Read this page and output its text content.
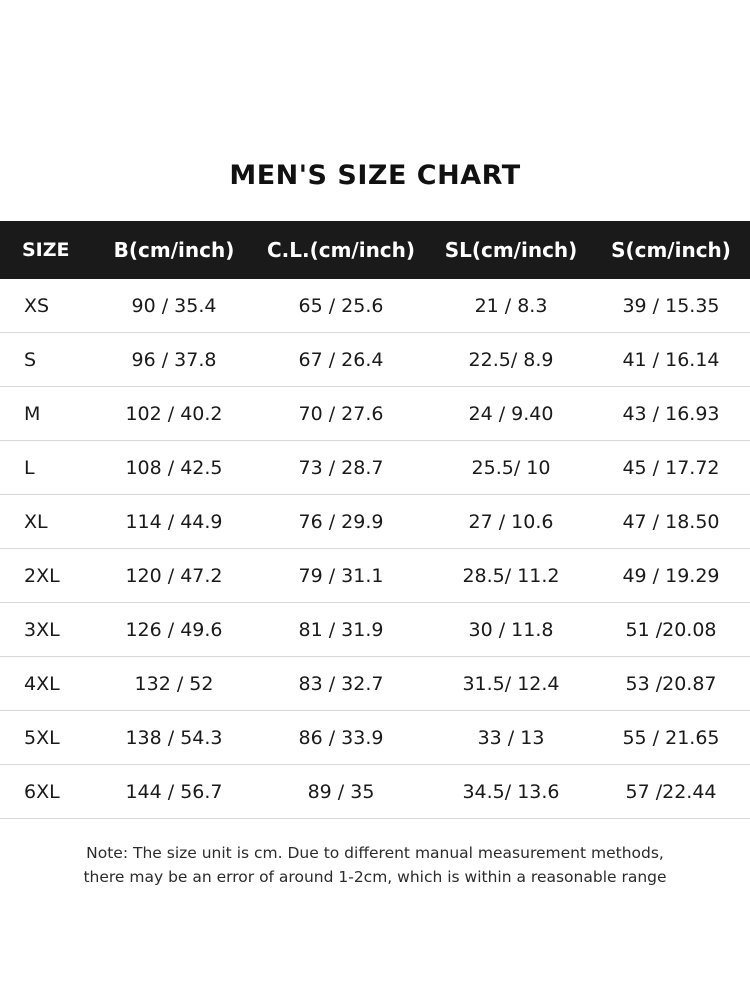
MEN'S SIZE CHART
SIZE	B(cm/inch)	C.L.(cm/inch)	SL(cm/inch)	S(cm/inch)
XS	90 / 35.4	65 / 25.6	21 / 8.3	39 / 15.35
S	96 / 37.8	67 / 26.4	22.5/ 8.9	41 / 16.14
M	102 / 40.2	70 / 27.6	24 / 9.40	43 / 16.93
L	108 / 42.5	73 / 28.7	25.5/ 10	45 / 17.72
XL	114 / 44.9	76 / 29.9	27 / 10.6	47 / 18.50
2XL	120 / 47.2	79 / 31.1	28.5/ 11.2	49 / 19.29
3XL	126 / 49.6	81 / 31.9	30 / 11.8	51 /20.08
4XL	132 / 52	83 / 32.7	31.5/ 12.4	53 /20.87
5XL	138 / 54.3	86 / 33.9	33 / 13	55 / 21.65
6XL	144 / 56.7	89 / 35	34.5/ 13.6	57 /22.44
Note: The size unit is cm. Due to different manual measurement methods,
there may be an error of around 1-2cm, which is within a reasonable range
